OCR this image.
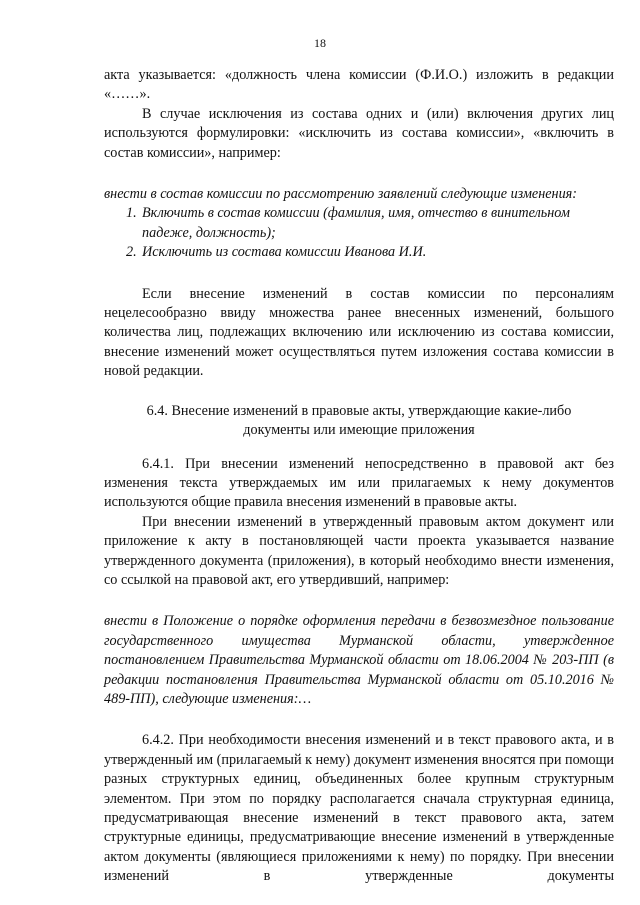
18

акта указывается: «должность члена комиссии (Ф.И.О.) изложить в редакции «……».

В случае исключения из состава одних и (или) включения других лиц используются формулировки: «исключить из состава комиссии», «включить в состав комиссии», например:

внести в состав комиссии по рассмотрению заявлений следующие изменения:

1. Включить в состав комиссии (фамилия, имя, отчество в винительном падеже, должность);
2. Исключить из состава комиссии Иванова И.И.

Если внесение изменений в состав комиссии по персоналиям нецелесообразно ввиду множества ранее внесенных изменений, большого количества лиц, подлежащих включению или исключению из состава комиссии, внесение изменений может осуществляться путем изложения состава комиссии в новой редакции.

6.4. Внесение изменений в правовые акты, утверждающие какие-либо документы или имеющие приложения

6.4.1. При внесении изменений непосредственно в правовой акт без изменения текста утверждаемых им или прилагаемых к нему документов используются общие правила внесения изменений в правовые акты.

При внесении изменений в утвержденный правовым актом документ или приложение к акту в постановляющей части проекта указывается название утвержденного документа (приложения), в который необходимо внести изменения, со ссылкой на правовой акт, его утвердивший, например:

внести в Положение о порядке оформления передачи в безвозмездное пользование государственного имущества Мурманской области, утвержденное постановлением Правительства Мурманской области от 18.06.2004 № 203-ПП (в редакции постановления Правительства Мурманской области от 05.10.2016 № 489-ПП), следующие изменения:…

6.4.2. При необходимости внесения изменений и в текст правового акта, и в утвержденный им (прилагаемый к нему) документ изменения вносятся при помощи разных структурных единиц, объединенных более крупным структурным элементом. При этом по порядку располагается сначала структурная единица, предусматривающая внесение изменений в текст правового акта, затем структурные единицы, предусматривающие внесение изменений в утвержденные актом документы (являющиеся приложениями к нему) по порядку. При внесении изменений в утвержденные документы
